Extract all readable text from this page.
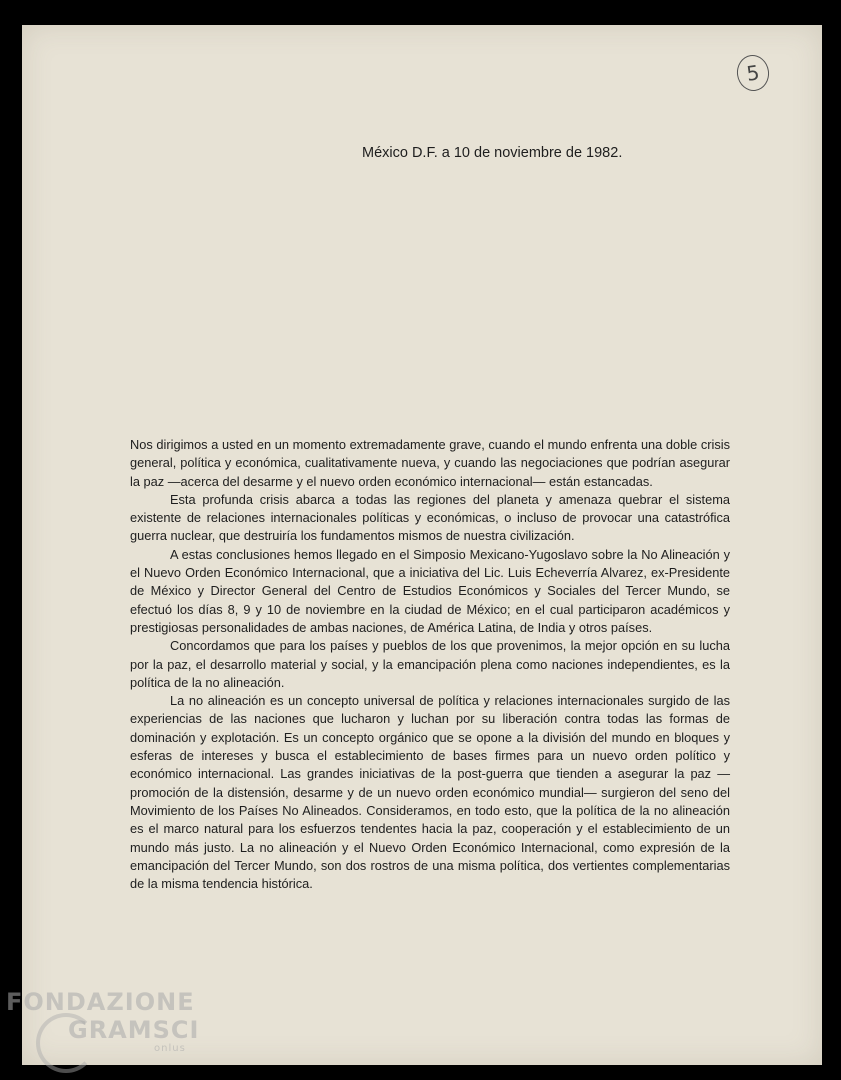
5
México D.F. a 10 de noviembre de 1982.

Nos dirigimos a usted en un momento extremadamente grave, cuando el mundo enfrenta una doble crisis general, política y económica, cualitativamente nueva, y cuando las negociaciones que podrían asegurar la paz —acerca del desarme y el nuevo orden económico internacional— están estancadas.

Esta profunda crisis abarca a todas las regiones del planeta y amenaza quebrar el sistema existente de relaciones internacionales políticas y económicas, o incluso de provocar una catastrófica guerra nuclear, que destruiría los fundamentos mismos de nuestra civilización.

A estas conclusiones hemos llegado en el Simposio Mexicano-Yugoslavo sobre la No Alineación y el Nuevo Orden Económico Internacional, que a iniciativa del Lic. Luis Echeverría Alvarez, ex-Presidente de México y Director General del Centro de Estudios Económicos y Sociales del Tercer Mundo, se efectuó los días 8, 9 y 10 de noviembre en la ciudad de México; en el cual participaron académicos y prestigiosas personalidades de ambas naciones, de América Latina, de India y otros países.

Concordamos que para los países y pueblos de los que provenimos, la mejor opción en su lucha por la paz, el desarrollo material y social, y la emancipación plena como naciones independientes, es la política de la no alineación.

La no alineación es un concepto universal de política y relaciones internacionales surgido de las experiencias de las naciones que lucharon y luchan por su liberación contra todas las formas de dominación y explotación. Es un concepto orgánico que se opone a la división del mundo en bloques y esferas de intereses y busca el establecimiento de bases firmes para un nuevo orden político y económico internacional. Las grandes iniciativas de la post-guerra que tienden a asegurar la paz —promoción de la distensión, desarme y de un nuevo orden económico mundial— surgieron del seno del Movimiento de los Países No Alineados. Consideramos, en todo esto, que la política de la no alineación es el marco natural para los esfuerzos tendentes hacia la paz, cooperación y el establecimiento de un mundo más justo. La no alineación y el Nuevo Orden Económico Internacional, como expresión de la emancipación del Tercer Mundo, son dos rostros de una misma política, dos vertientes complementarias de la misma tendencia histórica.

FONDAZIONE
GRAMSCI
onlus
